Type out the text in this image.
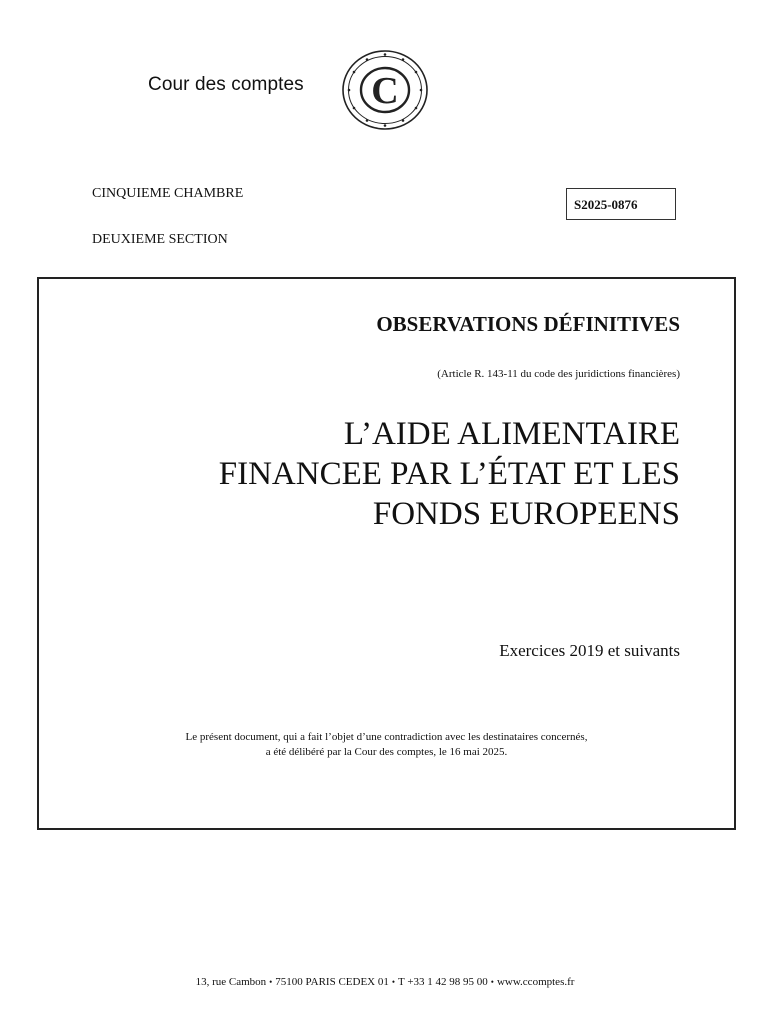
Cour des comptes C
CINQUIEME CHAMBRE
DEUXIEME SECTION
S2025-0876
OBSERVATIONS DÉFINITIVES
(Article R. 143-11 du code des juridictions financières)
L’AIDE ALIMENTAIRE
FINANCEE PAR L’ÉTAT ET LES
FONDS EUROPEENS
Exercices 2019 et suivants
Le présent document, qui a fait l’objet d’une contradiction avec les destinataires concernés,
a été délibéré par la Cour des comptes, le 16 mai 2025.
13, rue Cambon • 75100 PARIS CEDEX 01 • T +33 1 42 98 95 00 • www.ccomptes.fr
